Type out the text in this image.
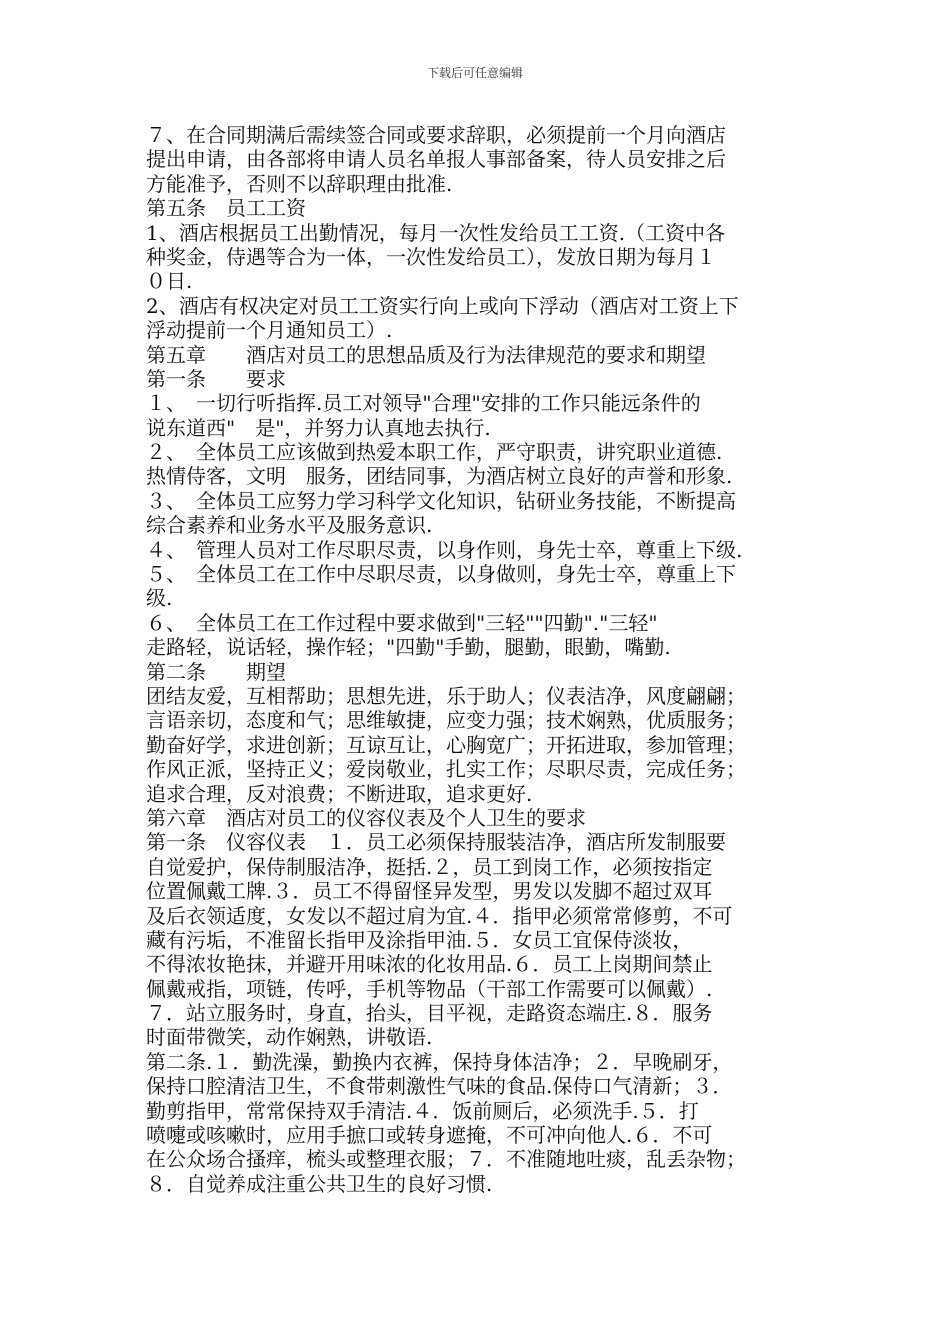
下载后可任意编辑
７、在合同期满后需续签合同或要求辞职，必须提前一个月向酒店
提出申请，由各部将申请人员名单报人事部备案，待人员安排之后
方能准予，否则不以辞职理由批准.
第五条　员工工资
1、酒店根据员工出勤情况，每月一次性发给员工工资.（工资中各
种奖金，侍遇等合为一体，一次性发给员工），发放日期为每月１
０日.
2、酒店有权决定对员工工资实行向上或向下浮动（酒店对工资上下
浮动提前一个月通知员工）.
第五章　　酒店对员工的思想品质及行为法律规范的要求和期望
第一条　　要求
１、　一切行听指挥.员工对领导"合理"安排的工作只能远条件的
说东道西"　是"，并努力认真地去执行.
２、　全体员工应该做到热爱本职工作，严守职责，讲究职业道德.
热情侍客，文明　服务，团结同事，为酒店树立良好的声誉和形象.
３、　全体员工应努力学习科学文化知识，钻研业务技能，不断提高
综合素养和业务水平及服务意识.
４、　管理人员对工作尽职尽责，以身作则，身先士卒，尊重上下级.
５、　全体员工在工作中尽职尽责，以身做则，身先士卒，尊重上下
级.
６、　全体员工在工作过程中要求做到"三轻""四勤"."三轻"
走路轻，说话轻，操作轻；"四勤"手勤，腿勤，眼勤，嘴勤.
第二条　　期望
团结友爱，互相帮助；思想先进，乐于助人；仪表洁净，风度翩翩；
言语亲切，态度和气；思维敏捷，应变力强；技术娴熟，优质服务；
勤奋好学，求进创新；互谅互让，心胸宽广；开拓进取，参加管理；
作风正派，坚持正义；爱岗敬业，扎实工作；尽职尽责，完成任务；
追求合理，反对浪费；不断进取，追求更好.
第六章　酒店对员工的仪容仪表及个人卫生的要求
第一条　仪容仪表　１．员工必须保持服装洁净，酒店所发制服要
自觉爱护，保侍制服洁净，挺括.２，员工到岗工作，必须按指定
位置佩戴工牌.３．员工不得留怪异发型，男发以发脚不超过双耳
及后衣领适度，女发以不超过肩为宜.４．指甲必须常常修剪，不可
藏有污垢，不准留长指甲及涂指甲油.５．女员工宜保侍淡妆，
不得浓妆艳抹，并避开用味浓的化妆用品.６．员工上岗期间禁止
佩戴戒指，项链，传呼，手机等物品（干部工作需要可以佩戴）.
７．站立服务时，身直，抬头，目平视，走路资态端庄.８．服务
时面带微笑，动作娴熟，讲敬语.
第二条.１．勤洗澡，勤换内衣裤，保持身体洁净；２．早晚刷牙，
保持口腔清洁卫生，不食带刺激性气味的食品.保侍口气清新；３．
勤剪指甲，常常保持双手清洁.４．饭前厕后，必须洗手.５．打
喷嚏或咳嗽时，应用手摭口或转身遮掩，不可冲向他人.６．不可
在公众场合搔痒，梳头或整理衣服；７．不准随地吐痰，乱丢杂物；
８．自觉养成注重公共卫生的良好习惯.
